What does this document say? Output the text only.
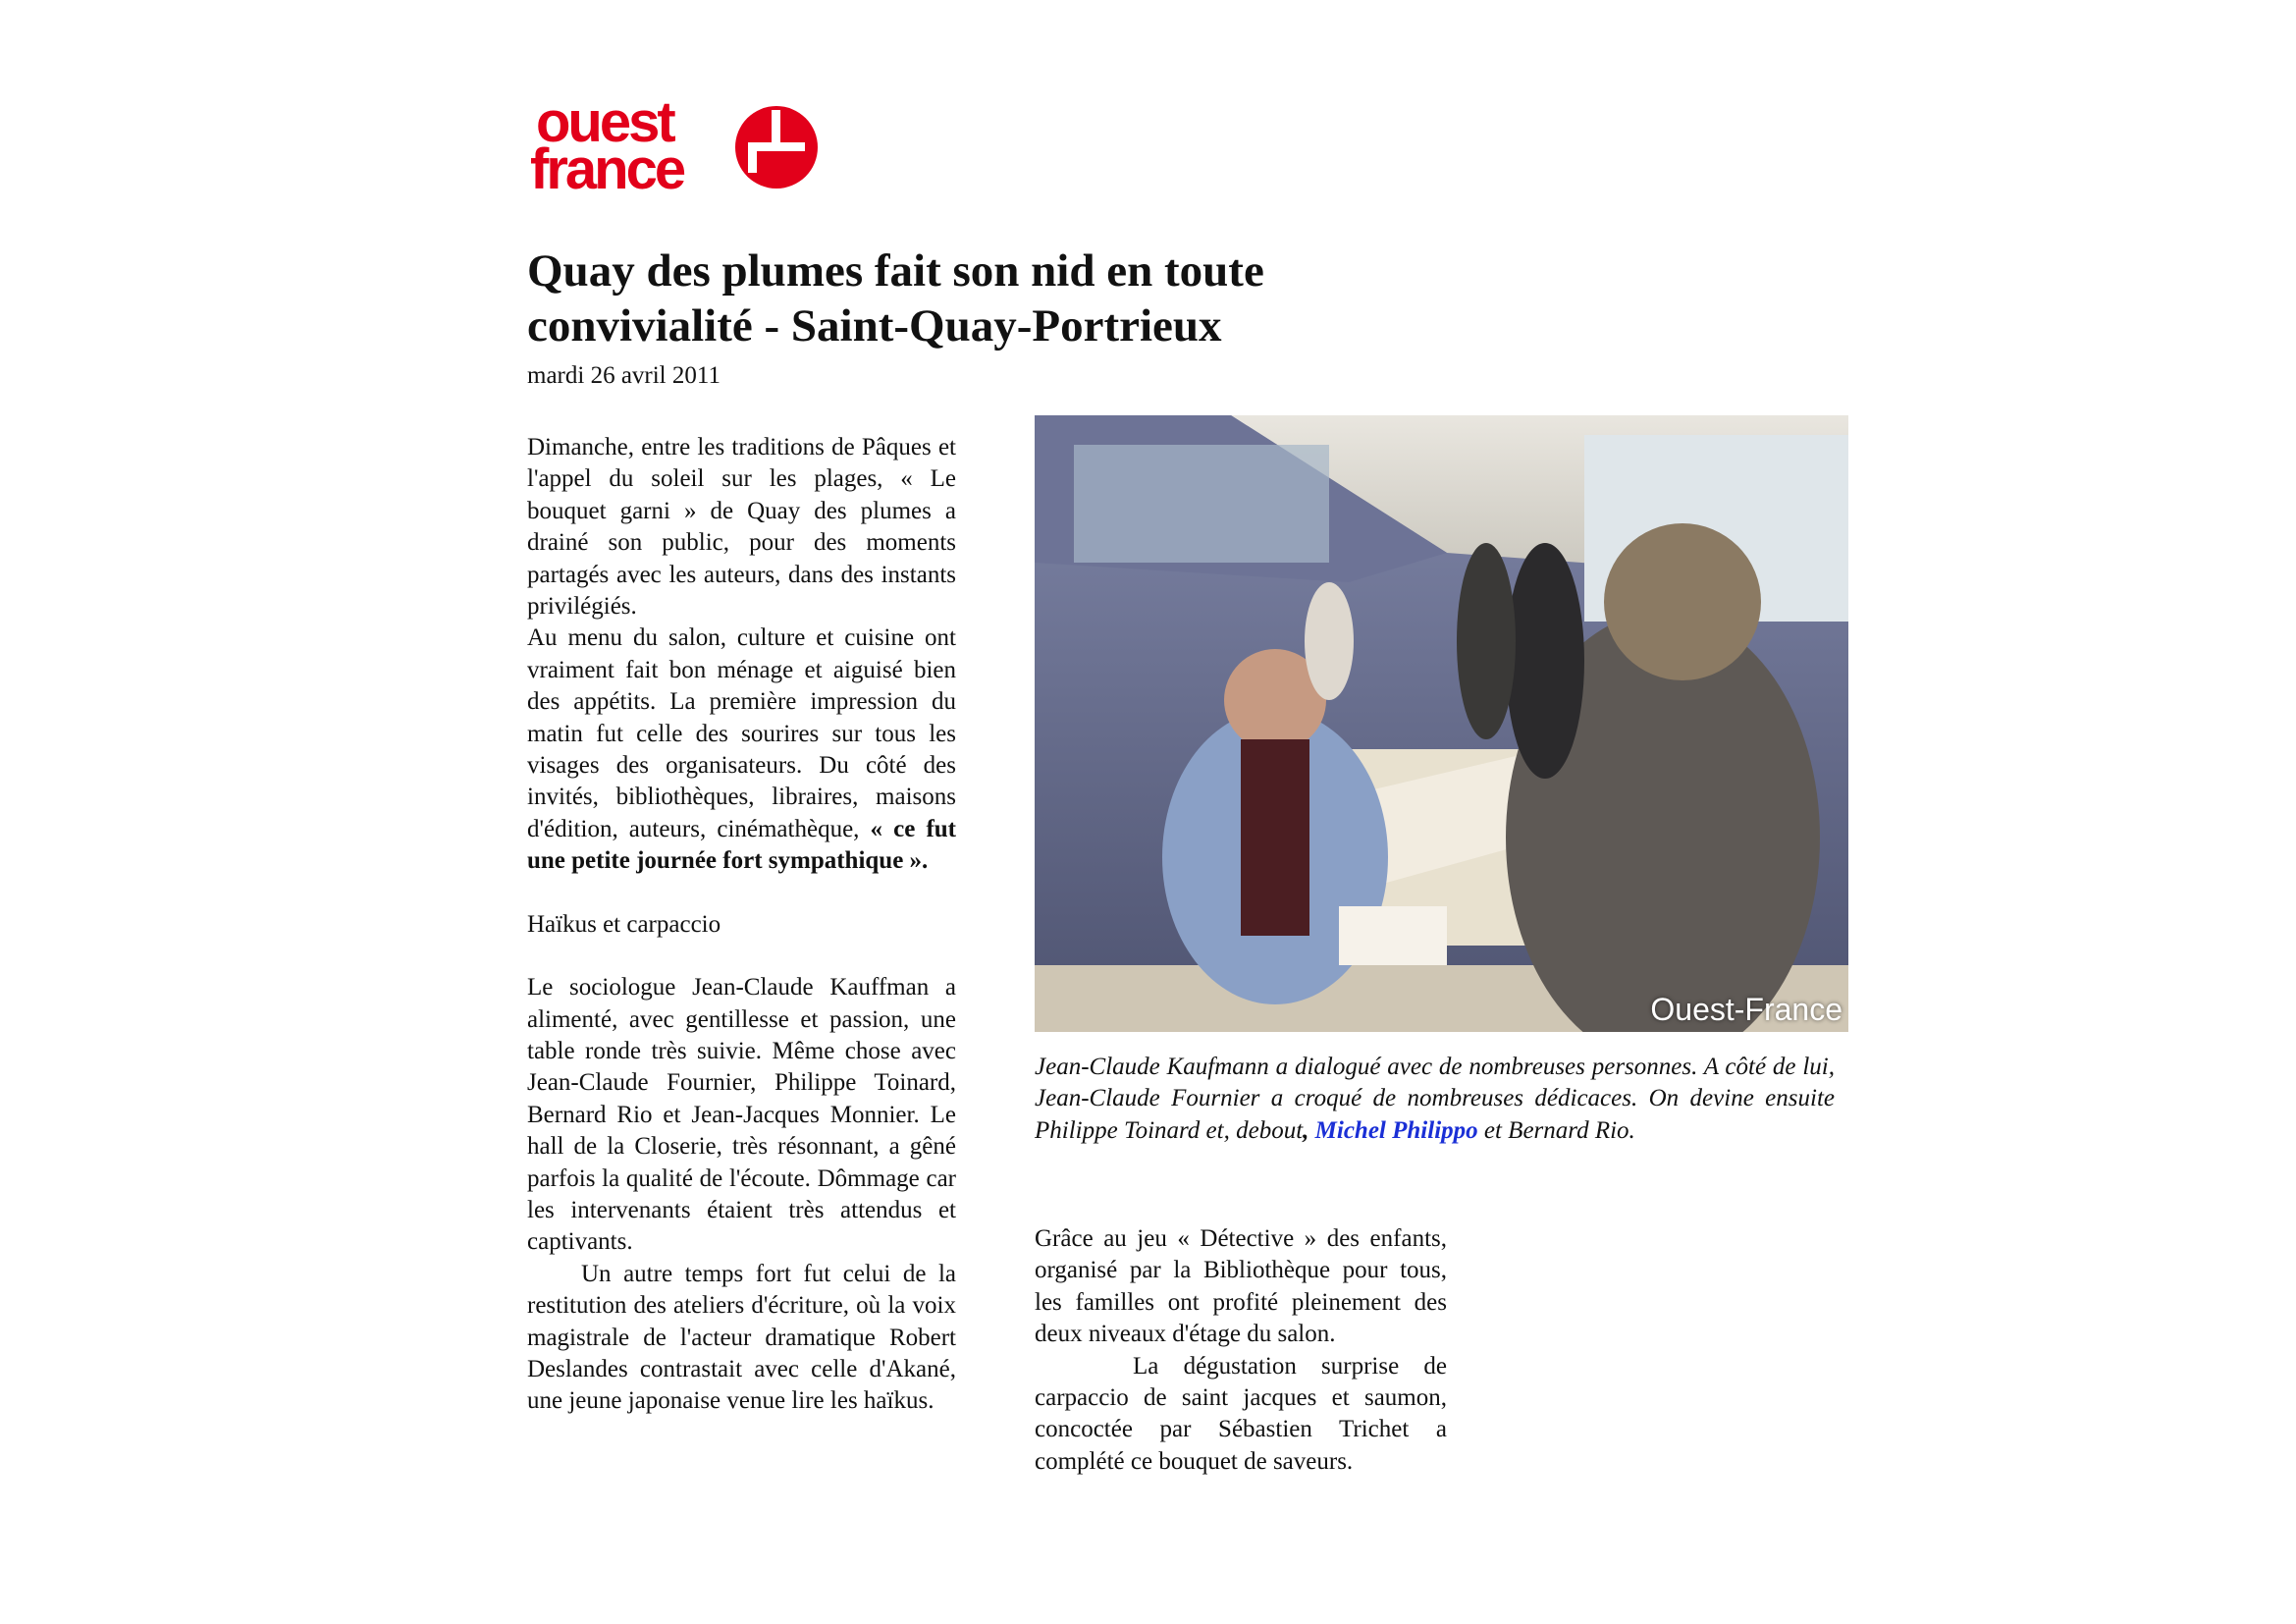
ouest
france
Quay des plumes fait son nid en toute convivialité - Saint-Quay-Portrieux
mardi 26 avril 2011

Dimanche, entre les traditions de Pâques et l'appel du soleil sur les plages, « Le bouquet garni » de Quay des plumes a drainé son public, pour des moments partagés avec les auteurs, dans des instants privilégiés.

Au menu du salon, culture et cuisine ont vraiment fait bon ménage et aiguisé bien des appétits. La première impression du matin fut celle des sourires sur tous les visages des organisateurs. Du côté des invités, bibliothèques, libraires, maisons d'édition, auteurs, cinémathèque, « ce fut une petite journée fort sympathique ».

Haïkus et carpaccio

Le sociologue Jean-Claude Kauffman a alimenté, avec gentillesse et passion, une table ronde très suivie. Même chose avec Jean-Claude Fournier, Philippe Toinard, Bernard Rio et Jean-Jacques Monnier. Le hall de la Closerie, très résonnant, a gêné parfois la qualité de l'écoute. Dômmage car les intervenants étaient très attendus et captivants.

Un autre temps fort fut celui de la restitution des ateliers d'écriture, où la voix magistrale de l'acteur dramatique Robert Deslandes contrastait avec celle d'Akané, une jeune japonaise venue lire les haïkus.

Ouest-France
Jean-Claude Kaufmann a dialogué avec de nombreuses personnes. A côté de lui, Jean-Claude Fournier a croqué de nombreuses dédicaces. On devine ensuite Philippe Toinard et, debout, Michel Philippo et Bernard Rio.

Grâce au jeu « Détective » des enfants, organisé par la Bibliothèque pour tous, les familles ont profité pleinement des deux niveaux d'étage du salon.

La dégustation surprise de carpaccio de saint jacques et saumon, concoctée par Sébastien Trichet a complété ce bouquet de saveurs.
